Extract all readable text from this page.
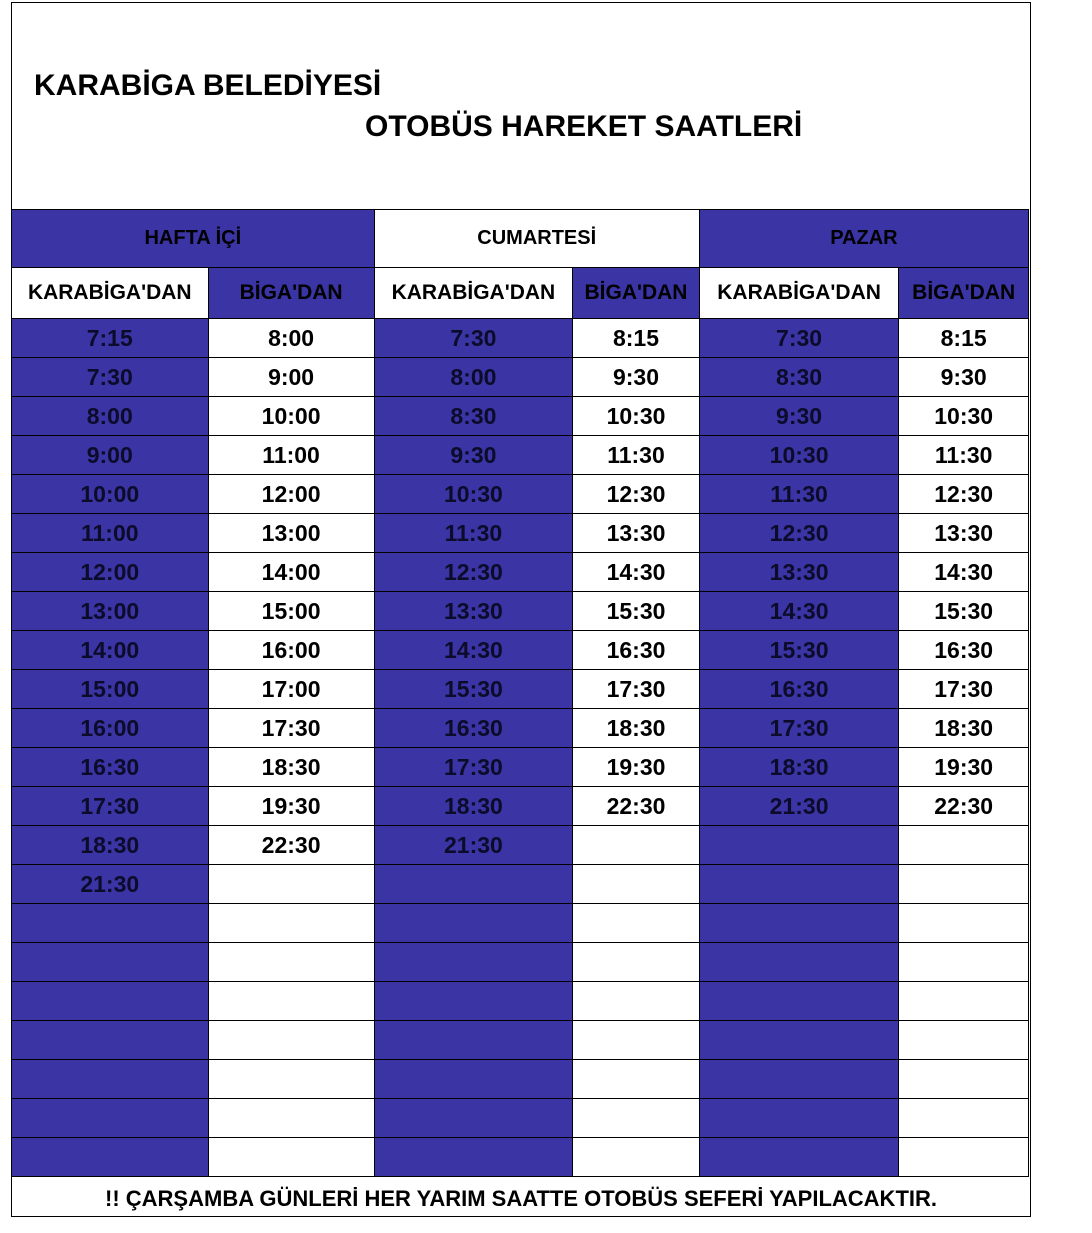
KARABİGA BELEDİYESİ
OTOBÜS HAREKET SAATLERİ
HAFTA İÇİ		CUMARTESİ		PAZAR	
KARABİGA'DAN	BİGA'DAN	KARABİGA'DAN	BİGA'DAN	KARABİGA'DAN	BİGA'DAN
7:15	8:00	7:30	8:15	7:30	8:15
7:30	9:00	8:00	9:30	8:30	9:30
8:00	10:00	8:30	10:30	9:30	10:30
9:00	11:00	9:30	11:30	10:30	11:30
10:00	12:00	10:30	12:30	11:30	12:30
11:00	13:00	11:30	13:30	12:30	13:30
12:00	14:00	12:30	14:30	13:30	14:30
13:00	15:00	13:30	15:30	14:30	15:30
14:00	16:00	14:30	16:30	15:30	16:30
15:00	17:00	15:30	17:30	16:30	17:30
16:00	17:30	16:30	18:30	17:30	18:30
16:30	18:30	17:30	19:30	18:30	19:30
17:30	19:30	18:30	22:30	21:30	22:30
18:30	22:30	21:30			
21:30					

!! ÇARŞAMBA GÜNLERİ HER YARIM SAATTE OTOBÜS SEFERİ YAPILACAKTIR.
